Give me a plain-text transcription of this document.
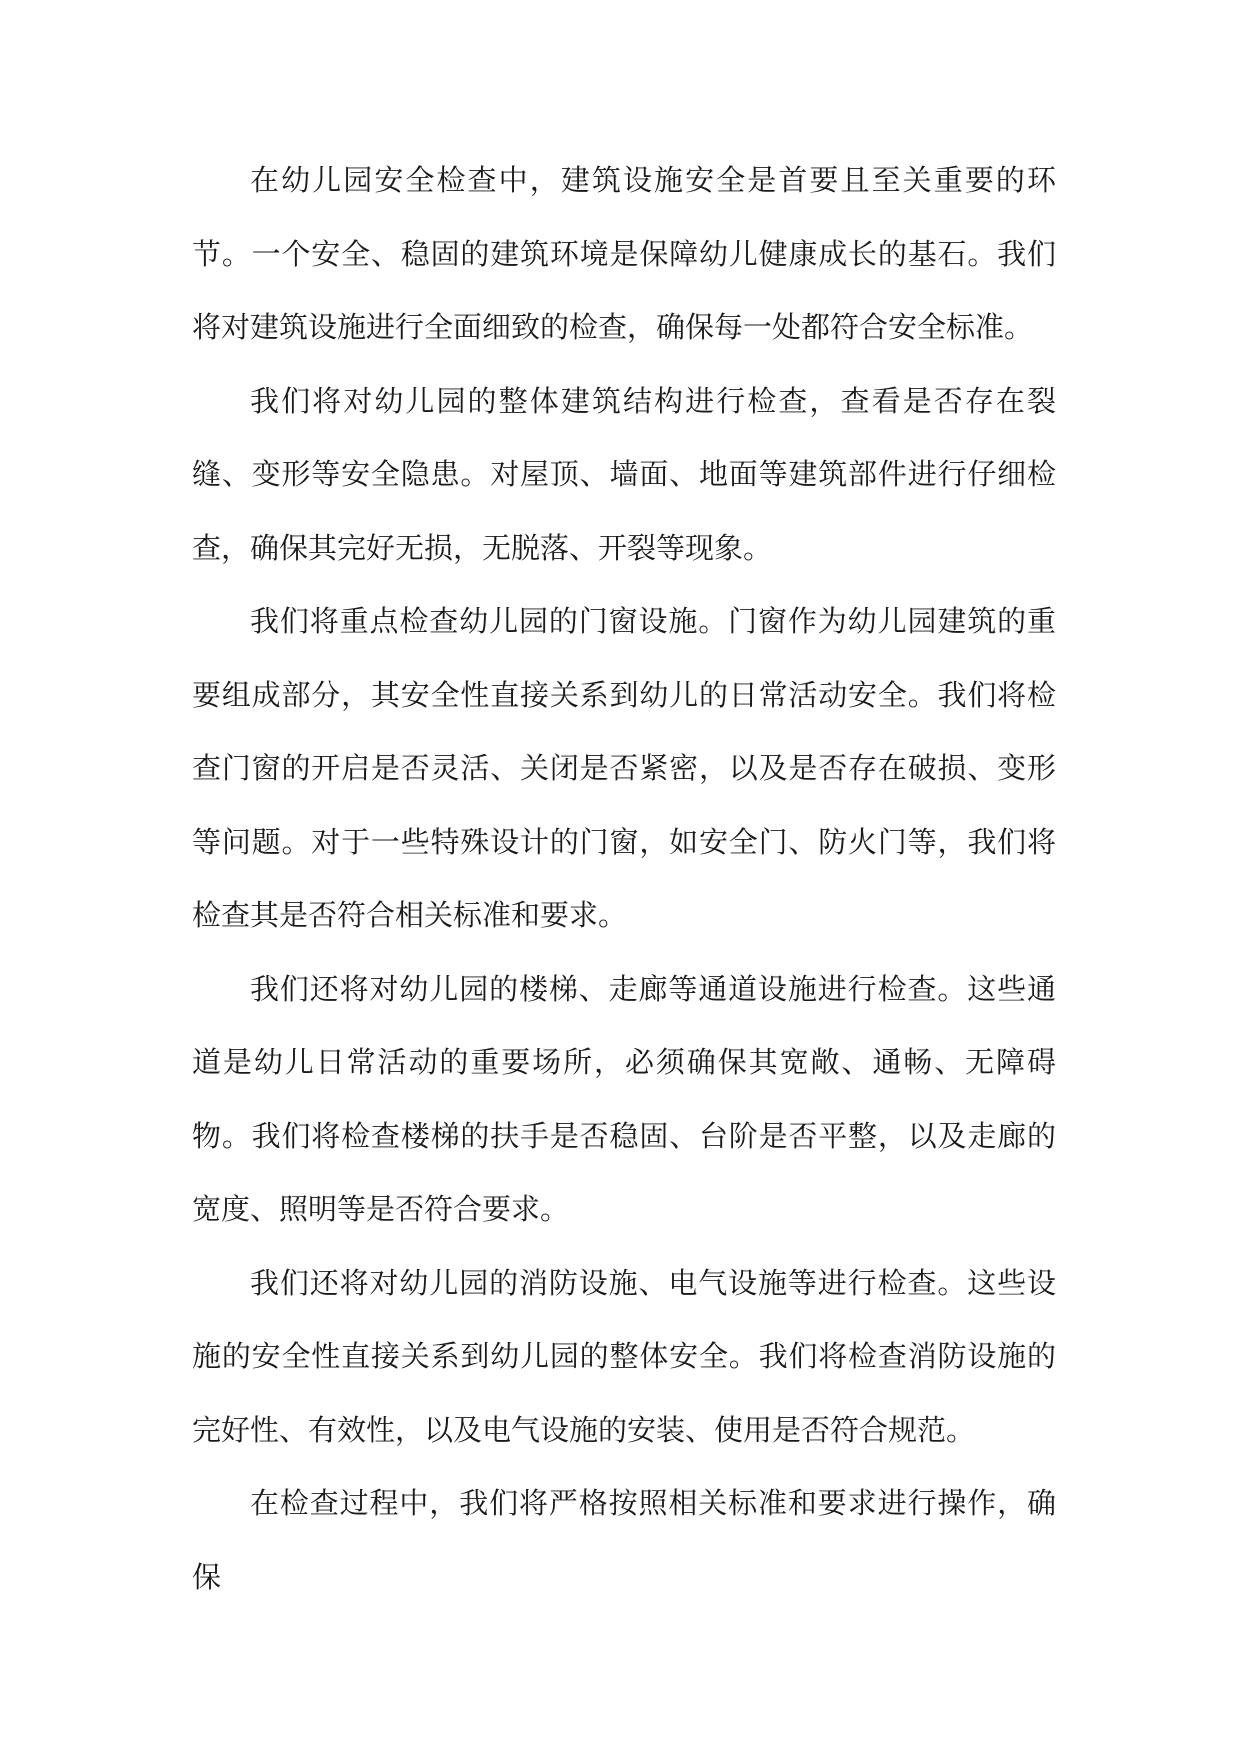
在幼儿园安全检查中，建筑设施安全是首要且至关重要的环节。一个安全、稳固的建筑环境是保障幼儿健康成长的基石。我们将对建筑设施进行全面细致的检查，确保每一处都符合安全标准。

我们将对幼儿园的整体建筑结构进行检查，查看是否存在裂缝、变形等安全隐患。对屋顶、墙面、地面等建筑部件进行仔细检查，确保其完好无损，无脱落、开裂等现象。

我们将重点检查幼儿园的门窗设施。门窗作为幼儿园建筑的重要组成部分，其安全性直接关系到幼儿的日常活动安全。我们将检查门窗的开启是否灵活、关闭是否紧密，以及是否存在破损、变形等问题。对于一些特殊设计的门窗，如安全门、防火门等，我们将检查其是否符合相关标准和要求。

我们还将对幼儿园的楼梯、走廊等通道设施进行检查。这些通道是幼儿日常活动的重要场所，必须确保其宽敞、通畅、无障碍物。我们将检查楼梯的扶手是否稳固、台阶是否平整，以及走廊的宽度、照明等是否符合要求。

我们还将对幼儿园的消防设施、电气设施等进行检查。这些设施的安全性直接关系到幼儿园的整体安全。我们将检查消防设施的完好性、有效性，以及电气设施的安装、使用是否符合规范。

在检查过程中，我们将严格按照相关标准和要求进行操作，确保
